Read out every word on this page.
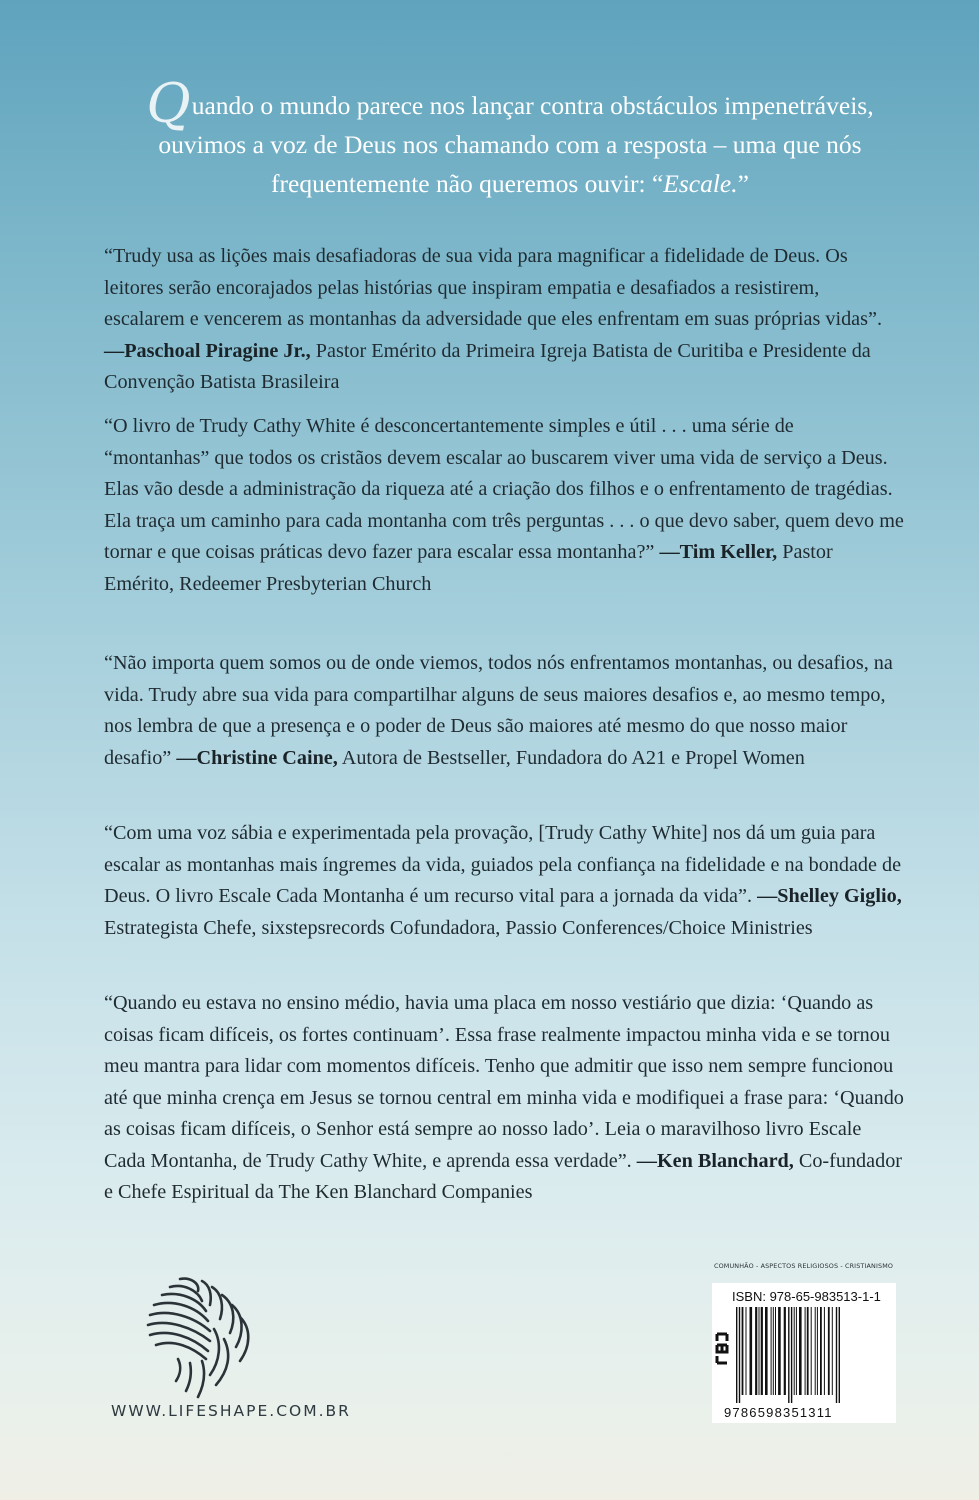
Quando o mundo parece nos lançar contra obstáculos impenetráveis,
ouvimos a voz de Deus nos chamando com a resposta – uma que nós
frequentemente não queremos ouvir: “Escale.”
“Trudy usa as lições mais desafiadoras de sua vida para magnificar a fidelidade de Deus. Os leitores serão encorajados pelas histórias que inspiram empatia e desafiados a resistirem, escalarem e vencerem as montanhas da adversidade que eles enfrentam em suas próprias vidas”. —Paschoal Piragine Jr., Pastor Emérito da Primeira Igreja Batista de Curitiba e Presidente da Convenção Batista Brasileira
“O livro de Trudy Cathy White é desconcertantemente simples e útil . . . uma série de “montanhas” que todos os cristãos devem escalar ao buscarem viver uma vida de serviço a Deus. Elas vão desde a administração da riqueza até a criação dos filhos e o enfrentamento de tragédias. Ela traça um caminho para cada montanha com três perguntas . . . o que devo saber, quem devo me tornar e que coisas práticas devo fazer para escalar essa montanha?” —Tim Keller, Pastor Emérito, Redeemer Presbyterian Church
“Não importa quem somos ou de onde viemos, todos nós enfrentamos montanhas, ou desafios, na vida. Trudy abre sua vida para compartilhar alguns de seus maiores desafios e, ao mesmo tempo, nos lembra de que a presença e o poder de Deus são maiores até mesmo do que nosso maior desafio” —Christine Caine, Autora de Bestseller, Fundadora do A21 e Propel Women
“Com uma voz sábia e experimentada pela provação, [Trudy Cathy White] nos dá um guia para escalar as montanhas mais íngremes da vida, guiados pela confiança na fidelidade e na bondade de Deus. O livro Escale Cada Montanha é um recurso vital para a jornada da vida”. —Shelley Giglio, Estrategista Chefe, sixstepsrecords Cofundadora, Passio Conferences/Choice Ministries
“Quando eu estava no ensino médio, havia uma placa em nosso vestiário que dizia: ‘Quando as coisas ficam difíceis, os fortes continuam’. Essa frase realmente impactou minha vida e se tornou meu mantra para lidar com momentos difíceis. Tenho que admitir que isso nem sempre funcionou até que minha crença em Jesus se tornou central em minha vida e modifiquei a frase para: ‘Quando as coisas ficam difíceis, o Senhor está sempre ao nosso lado’. Leia o maravilhoso livro Escale Cada Montanha, de Trudy Cathy White, e aprenda essa verdade”. —Ken Blanchard, Co-fundador e Chefe Espiritual da The Ken Blanchard Companies
WWW.LIFESHAPE.COM.BR
COMUNHÃO - ASPECTOS RELIGIOSOS - CRISTIANISMO
ISBN: 978-65-983513-1-1
9786598351311
